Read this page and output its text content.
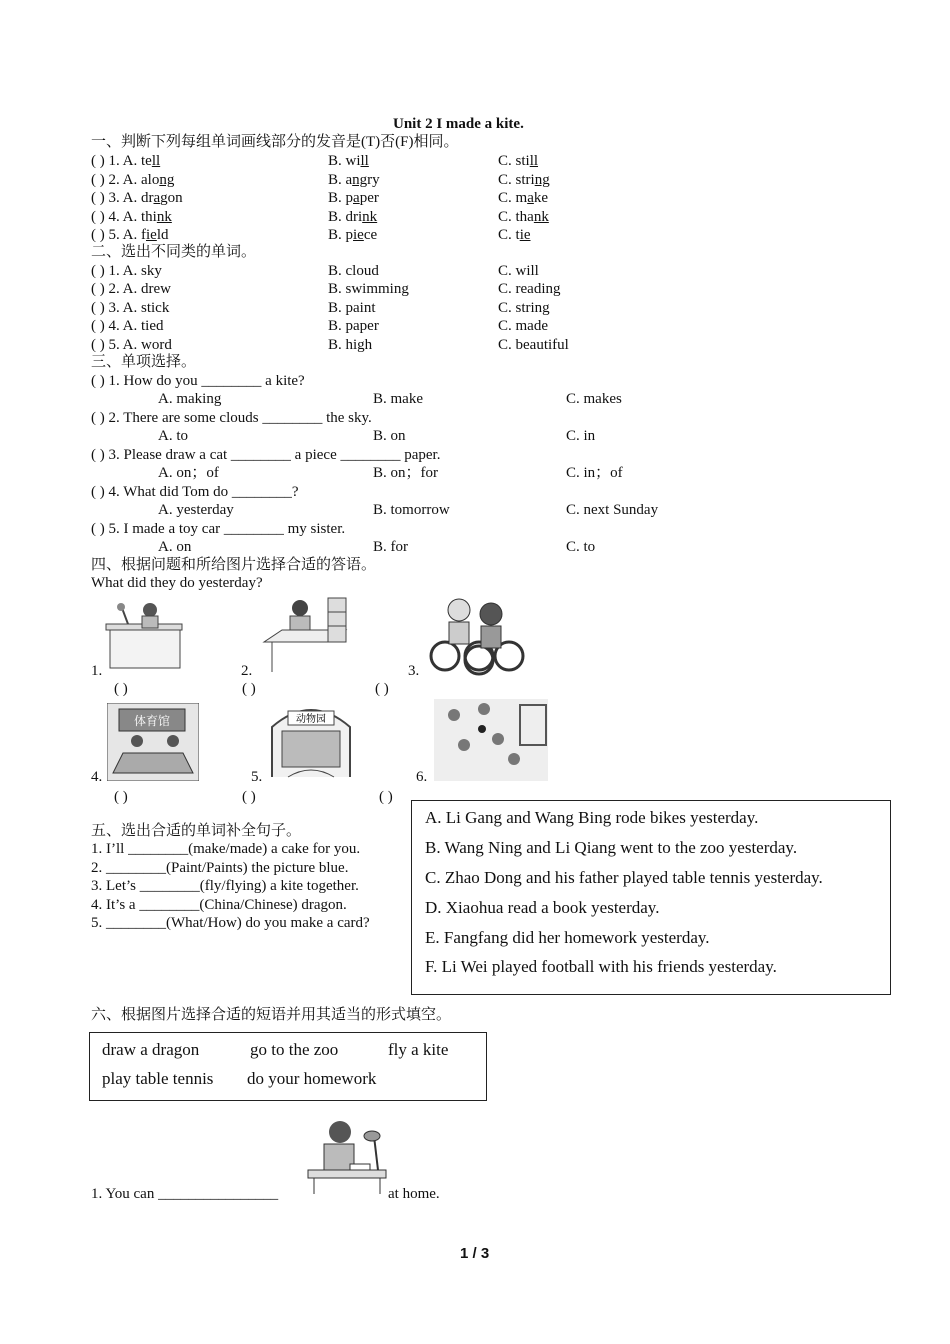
Unit 2 I made a kite.
一、判断下列每组单词画线部分的发音是(T)否(F)相同。
( ) 1. A. tell	B. will	C. still
( ) 2. A. along	B. angry	C. string
( ) 3. A. dragon	B. paper	C. make
( ) 4. A. think	B. drink	C. thank
( ) 5. A. field	B. piece	C. tie
二、选出不同类的单词。
( ) 1. A. sky	B. cloud	C. will
( ) 2. A. drew	B. swimming	C. reading
( ) 3. A. stick	B. paint	C. string
( ) 4. A. tied	B. paper	C. made
( ) 5. A. word	B. high	C. beautiful
三、单项选择。
( ) 1. How do you ________ a kite?
A. making	B. make	C. makes
( ) 2. There are some clouds ________ the sky.
A. to	B. on	C. in
( ) 3. Please draw a cat ________ a piece ________ paper.
A. on；of	B. on；for	C. in；of
( ) 4. What did Tom do ________?
A. yesterday	B. tomorrow	C. next Sunday
( ) 5. I made a toy car ________ my sister.
A. on	B. for	C. to
四、根据问题和所给图片选择合适的答语。
What did they do yesterday?
1.	2.	3.
( )	( )	( )
体育馆
4.
动物园
5.	6.
( )	( )	( )
A. Li Gang and Wang Bing rode bikes yesterday.
B. Wang Ning and Li Qiang went to the zoo yesterday.
C. Zhao Dong and his father played table tennis yesterday.
D. Xiaohua read a book yesterday.
E. Fangfang did her homework yesterday.
F. Li Wei played football with his friends yesterday.
五、选出合适的单词补全句子。
1. I’ll ________(make/made) a cake for you.
2. ________(Paint/Paints) the picture blue.
3. Let’s ________(fly/flying) a kite together.
4. It’s a ________(China/Chinese) dragon.
5. ________(What/How) do you make a card?
六、根据图片选择合适的短语并用其适当的形式填空。
draw a dragon	go to the zoo	fly a kite
play table tennis do your homework
1. You can ________________	at home.
1 / 3
